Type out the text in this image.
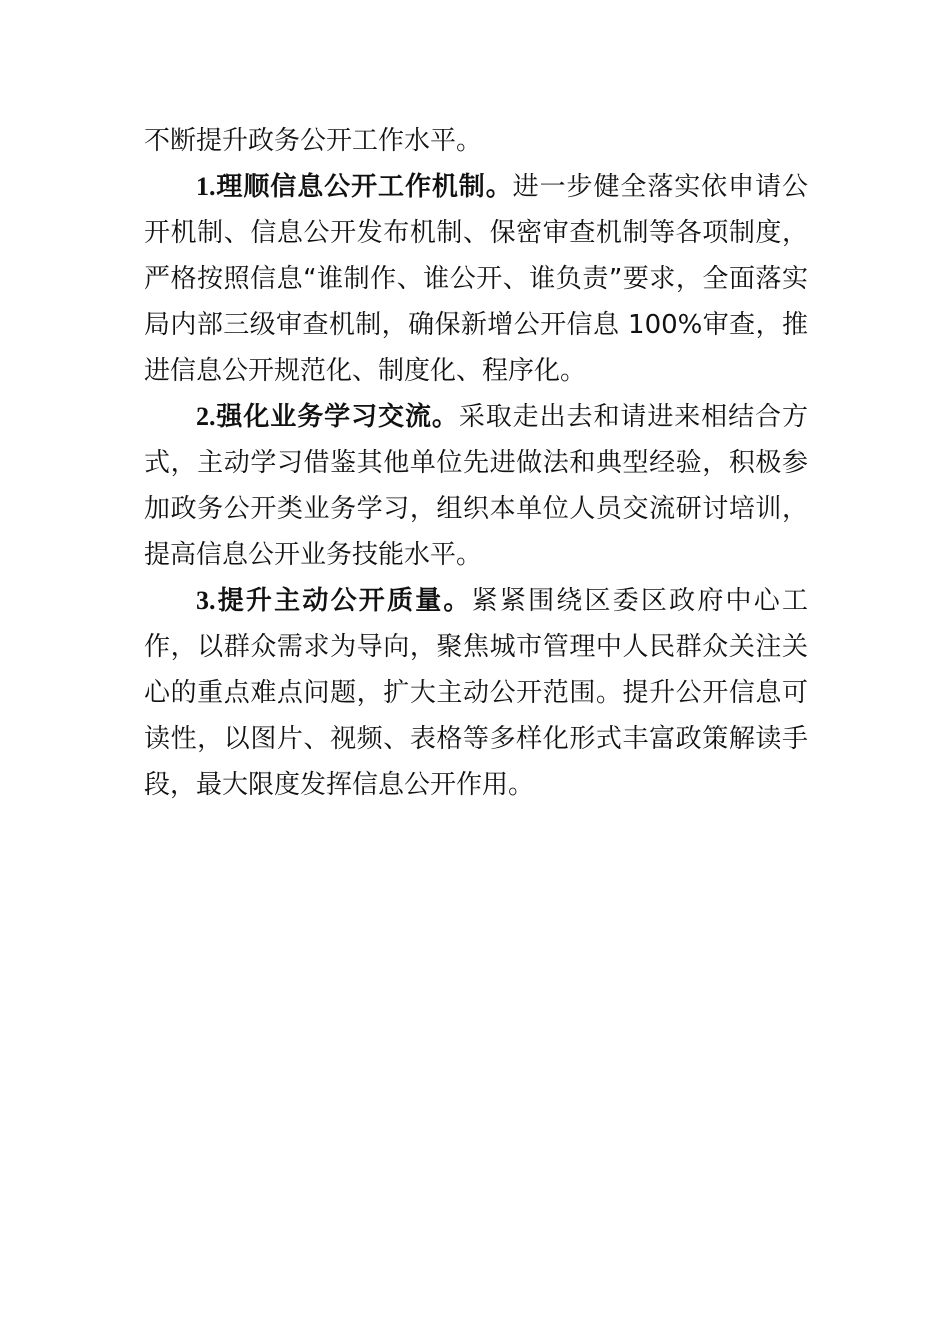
不断提升政务公开工作水平。

1.理顺信息公开工作机制。进一步健全落实依申请公开机制、信息公开发布机制、保密审查机制等各项制度，严格按照信息“谁制作、谁公开、谁负责”要求，全面落实局内部三级审查机制，确保新增公开信息 100%审查，推进信息公开规范化、制度化、程序化。

2.强化业务学习交流。采取走出去和请进来相结合方式，主动学习借鉴其他单位先进做法和典型经验，积极参加政务公开类业务学习，组织本单位人员交流研讨培训，提高信息公开业务技能水平。

3.提升主动公开质量。紧紧围绕区委区政府中心工作，以群众需求为导向，聚焦城市管理中人民群众关注关心的重点难点问题，扩大主动公开范围。提升公开信息可读性，以图片、视频、表格等多样化形式丰富政策解读手段，最大限度发挥信息公开作用。
